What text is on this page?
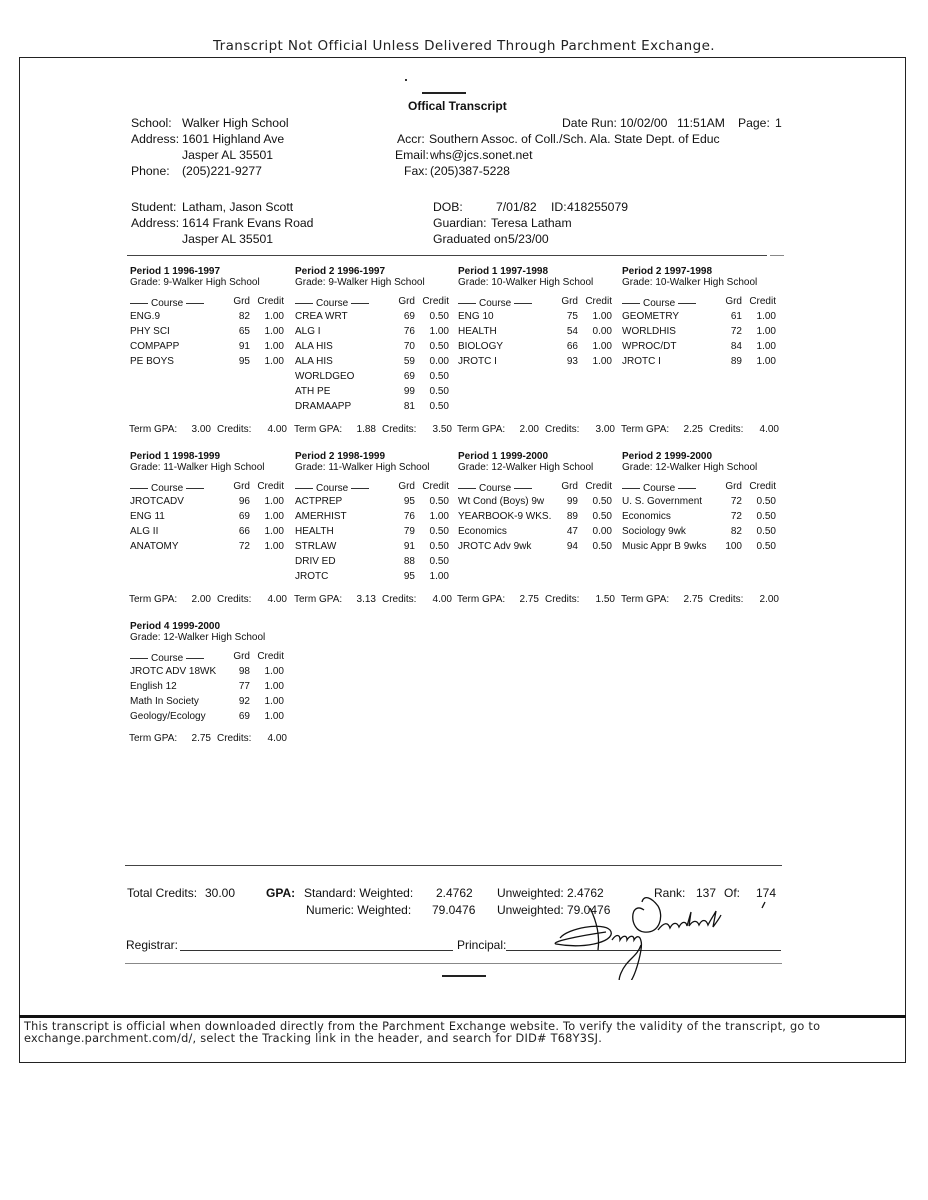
Transcript Not Official Unless Delivered Through Parchment Exchange.
Offical Transcript
School: Walker High School
Address: 1601 Highland Ave
Jasper AL 35501
Phone: (205)221-9277
Date Run: 10/02/00 11:51AM Page: 1
Accr: Southern Assoc. of Coll./Sch. Ala. State Dept. of Educ
Email: whs@jcs.sonet.net
Fax: (205)387-5228
Student: Latham, Jason Scott
Address: 1614 Frank Evans Road
Jasper AL 35501
DOB:	7/01/82 ID: 418255079
Guardian: Teresa Latham
Graduated on 5/23/00
Period 1 1996-1997
Grade: 9-Walker High School
Course	Grd Credit
ENG.9	82	1.00
PHY SCI	65	1.00
COMPAPP	91	1.00
PE BOYS	95	1.00
Term GPA:	3.00 Credits:	4.00
Period 2 1996-1997
Grade: 9-Walker High School
Course	Grd Credit
CREA WRT	69	0.50
ALG I	76	1.00
ALA HIS	70	0.50
ALA HIS	59	0.00
WORLDGEO	69	0.50
ATH PE	99	0.50
DRAMAAPP	81	0.50
Term GPA:	1.88 Credits:	3.50
Period 1 1997-1998
Grade: 10-Walker High School
Course	Grd Credit
ENG 10	75	1.00
HEALTH	54	0.00
BIOLOGY	66	1.00
JROTC I	93	1.00
Term GPA:	2.00 Credits:	3.00
Period 2 1997-1998
Grade: 10-Walker High School
Course	Grd Credit
GEOMETRY	61	1.00
WORLDHIS	72	1.00
WPROC/DT	84	1.00
JROTC I	89	1.00
Term GPA:	2.25 Credits:	4.00
Period 1 1998-1999
Grade: 11-Walker High School
Course	Grd Credit
JROTCADV	96	1.00
ENG 11	69	1.00
ALG II	66	1.00
ANATOMY	72	1.00
Term GPA:	2.00 Credits:	4.00
Period 2 1998-1999
Grade: 11-Walker High School
Course	Grd Credit
ACTPREP	95	0.50
AMERHIST	76	1.00
HEALTH	79	0.50
STRLAW	91	0.50
DRIV ED	88	0.50
JROTC	95	1.00
Term GPA:	3.13 Credits:	4.00
Period 1 1999-2000
Grade: 12-Walker High School
Course	Grd Credit
Wt Cond (Boys) 9w	99	0.50
YEARBOOK-9 WKS.	89	0.50
Economics	47	0.00
JROTC Adv 9wk	94	0.50
Term GPA:	2.75 Credits:	1.50
Period 2 1999-2000
Grade: 12-Walker High School
Course	Grd Credit
U. S. Government	72	0.50
Economics	72	0.50
Sociology 9wk	82	0.50
Music Appr B 9wks	100	0.50
Term GPA:	2.75 Credits:	2.00
Period 4 1999-2000
Grade: 12-Walker High School
Course	Grd Credit
JROTC ADV 18WK	98	1.00
English 12	77	1.00
Math In Society	92	1.00
Geology/Ecology	69	1.00
Term GPA:	2.75 Credits:	4.00
Total Credits: 30.00	GPA: Standard: Weighted: 2.4762 Unweighted: 2.4762	Rank: 137 Of: 174
Numeric: Weighted: 79.0476 Unweighted: 79.0476
Registrar:	Principal:
This transcript is official when downloaded directly from the Parchment Exchange website. To verify the validity of the transcript, go to exchange.parchment.com/d/, select the Tracking link in the header, and search for DID# T68Y3SJ.
